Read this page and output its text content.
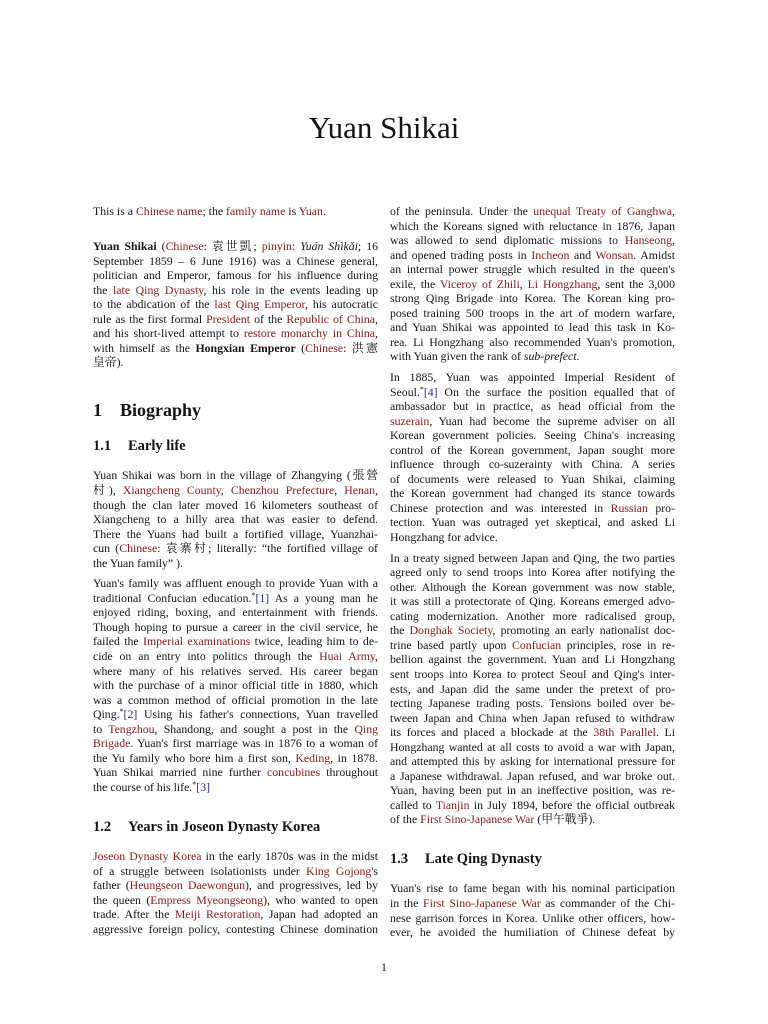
Yuan Shikai
This is a Chinese name; the family name is Yuan.
Yuan Shikai (Chinese: 袁世凱; pinyin: Yuán Shìkǎi; 16
September 1859 – 6 June 1916) was a Chinese general,
politician and Emperor, famous for his influence during
the late Qing Dynasty, his role in the events leading up
to the abdication of the last Qing Emperor, his autocratic
rule as the first formal President of the Republic of China,
and his short-lived attempt to restore monarchy in China,
with himself as the Hongxian Emperor (Chinese: 洪憲
皇帝).
1 Biography
1.1 Early life
Yuan Shikai was born in the village of Zhangying (張營
村), Xiangcheng County, Chenzhou Prefecture, Henan,
though the clan later moved 16 kilometers southeast of
Xiangcheng to a hilly area that was easier to defend.
There the Yuans had built a fortified village, Yuanzhai-
cun (Chinese: 袁寨村; literally: “the fortified village of
the Yuan family” ).
Yuan's family was affluent enough to provide Yuan with a
traditional Confucian education.*[1] As a young man he
enjoyed riding, boxing, and entertainment with friends.
Though hoping to pursue a career in the civil service, he
failed the Imperial examinations twice, leading him to de-
cide on an entry into politics through the Huai Army,
where many of his relatives served. His career began
with the purchase of a minor official title in 1880, which
was a common method of official promotion in the late
Qing.*[2] Using his father's connections, Yuan travelled
to Tengzhou, Shandong, and sought a post in the Qing
Brigade. Yuan's first marriage was in 1876 to a woman of
the Yu family who bore him a first son, Keding, in 1878.
Yuan Shikai married nine further concubines throughout
the course of his life.*[3]
1.2 Years in Joseon Dynasty Korea
Joseon Dynasty Korea in the early 1870s was in the midst
of a struggle between isolationists under King Gojong's
father (Heungseon Daewongun), and progressives, led by
the queen (Empress Myeongseong), who wanted to open
trade. After the Meiji Restoration, Japan had adopted an
aggressive foreign policy, contesting Chinese domination
of the peninsula. Under the unequal Treaty of Ganghwa,
which the Koreans signed with reluctance in 1876, Japan
was allowed to send diplomatic missions to Hanseong,
and opened trading posts in Incheon and Wonsan. Amidst
an internal power struggle which resulted in the queen's
exile, the Viceroy of Zhili, Li Hongzhang, sent the 3,000
strong Qing Brigade into Korea. The Korean king pro-
posed training 500 troops in the art of modern warfare,
and Yuan Shikai was appointed to lead this task in Ko-
rea. Li Hongzhang also recommended Yuan's promotion,
with Yuan given the rank of sub-prefect.
In 1885, Yuan was appointed Imperial Resident of
Seoul.*[4] On the surface the position equalled that of
ambassador but in practice, as head official from the
suzerain, Yuan had become the supreme adviser on all
Korean government policies. Seeing China's increasing
control of the Korean government, Japan sought more
influence through co-suzerainty with China. A series
of documents were released to Yuan Shikai, claiming
the Korean government had changed its stance towards
Chinese protection and was interested in Russian pro-
tection. Yuan was outraged yet skeptical, and asked Li
Hongzhang for advice.
In a treaty signed between Japan and Qing, the two parties
agreed only to send troops into Korea after notifying the
other. Although the Korean government was now stable,
it was still a protectorate of Qing. Koreans emerged advo-
cating modernization. Another more radicalised group,
the Donghak Society, promoting an early nationalist doc-
trine based partly upon Confucian principles, rose in re-
bellion against the government. Yuan and Li Hongzhang
sent troops into Korea to protect Seoul and Qing's inter-
ests, and Japan did the same under the pretext of pro-
tecting Japanese trading posts. Tensions boiled over be-
tween Japan and China when Japan refused to withdraw
its forces and placed a blockade at the 38th Parallel. Li
Hongzhang wanted at all costs to avoid a war with Japan,
and attempted this by asking for international pressure for
a Japanese withdrawal. Japan refused, and war broke out.
Yuan, having been put in an ineffective position, was re-
called to Tianjin in July 1894, before the official outbreak
of the First Sino-Japanese War (甲午戰爭).
1.3 Late Qing Dynasty
Yuan's rise to fame began with his nominal participation
in the First Sino-Japanese War as commander of the Chi-
nese garrison forces in Korea. Unlike other officers, how-
ever, he avoided the humiliation of Chinese defeat by
1
